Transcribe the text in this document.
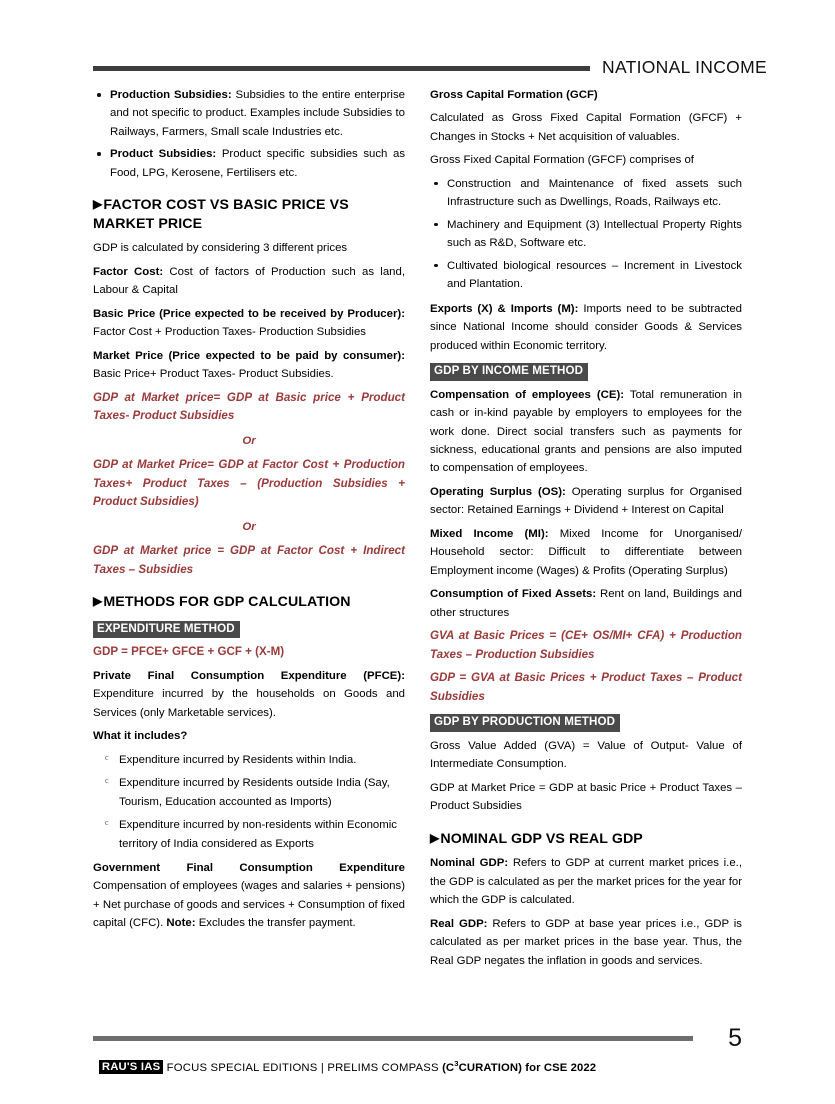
NATIONAL INCOME
Production Subsidies: Subsidies to the entire enterprise and not specific to product. Examples include Subsidies to Railways, Farmers, Small scale Industries etc.
Product Subsidies: Product specific subsidies such as Food, LPG, Kerosene, Fertilisers etc.
▶FACTOR COST VS BASIC PRICE VS MARKET PRICE

GDP is calculated by considering 3 different prices

Factor Cost: Cost of factors of Production such as land, Labour & Capital

Basic Price (Price expected to be received by Producer): Factor Cost + Production Taxes- Production Subsidies

Market Price (Price expected to be paid by consumer): Basic Price+ Product Taxes- Product Subsidies.

GDP at Market price= GDP at Basic price + Product Taxes- Product Subsidies

Or

GDP at Market Price= GDP at Factor Cost + Production Taxes+ Product Taxes – (Production Subsidies + Product Subsidies)

Or

GDP at Market price = GDP at Factor Cost + Indirect Taxes – Subsidies

▶METHODS FOR GDP CALCULATION
EXPENDITURE METHOD

GDP = PFCE+ GFCE + GCF + (X-M)

Private Final Consumption Expenditure (PFCE): Expenditure incurred by the households on Goods and Services (only Marketable services).

What it includes?

c Expenditure incurred by Residents within India.
c Expenditure incurred by Residents outside India (Say, Tourism, Education accounted as Imports)
c Expenditure incurred by non-residents within Economic territory of India considered as Exports

Government Final Consumption Expenditure Compensation of employees (wages and salaries + pensions) + Net purchase of goods and services + Consumption of fixed capital (CFC). Note: Excludes the transfer payment.

Gross Capital Formation (GCF)

Calculated as Gross Fixed Capital Formation (GFCF) + Changes in Stocks + Net acquisition of valuables.

Gross Fixed Capital Formation (GFCF) comprises of

Construction and Maintenance of fixed assets such Infrastructure such as Dwellings, Roads, Railways etc.
Machinery and Equipment (3) Intellectual Property Rights such as R&D, Software etc.
Cultivated biological resources – Increment in Livestock and Plantation.

Exports (X) & Imports (M): Imports need to be subtracted since National Income should consider Goods & Services produced within Economic territory.

GDP BY INCOME METHOD

Compensation of employees (CE): Total remuneration in cash or in-kind payable by employers to employees for the work done. Direct social transfers such as payments for sickness, educational grants and pensions are also imputed to compensation of employees.

Operating Surplus (OS): Operating surplus for Organised sector: Retained Earnings + Dividend + Interest on Capital

Mixed Income (MI): Mixed Income for Unorganised/ Household sector: Difficult to differentiate between Employment income (Wages) & Profits (Operating Surplus)

Consumption of Fixed Assets: Rent on land, Buildings and other structures

GVA at Basic Prices = (CE+ OS/MI+ CFA) + Production Taxes – Production Subsidies

GDP = GVA at Basic Prices + Product Taxes – Product Subsidies

GDP BY PRODUCTION METHOD

Gross Value Added (GVA) = Value of Output- Value of Intermediate Consumption.

GDP at Market Price = GDP at basic Price + Product Taxes – Product Subsidies

▶NOMINAL GDP VS REAL GDP

Nominal GDP: Refers to GDP at current market prices i.e., the GDP is calculated as per the market prices for the year for which the GDP is calculated.

Real GDP: Refers to GDP at base year prices i.e., GDP is calculated as per market prices in the base year. Thus, the Real GDP negates the inflation in goods and services.

5
RAU'S IAS FOCUS SPECIAL EDITIONS | PRELIMS COMPASS (C$^3$CURATION) for CSE 2022
